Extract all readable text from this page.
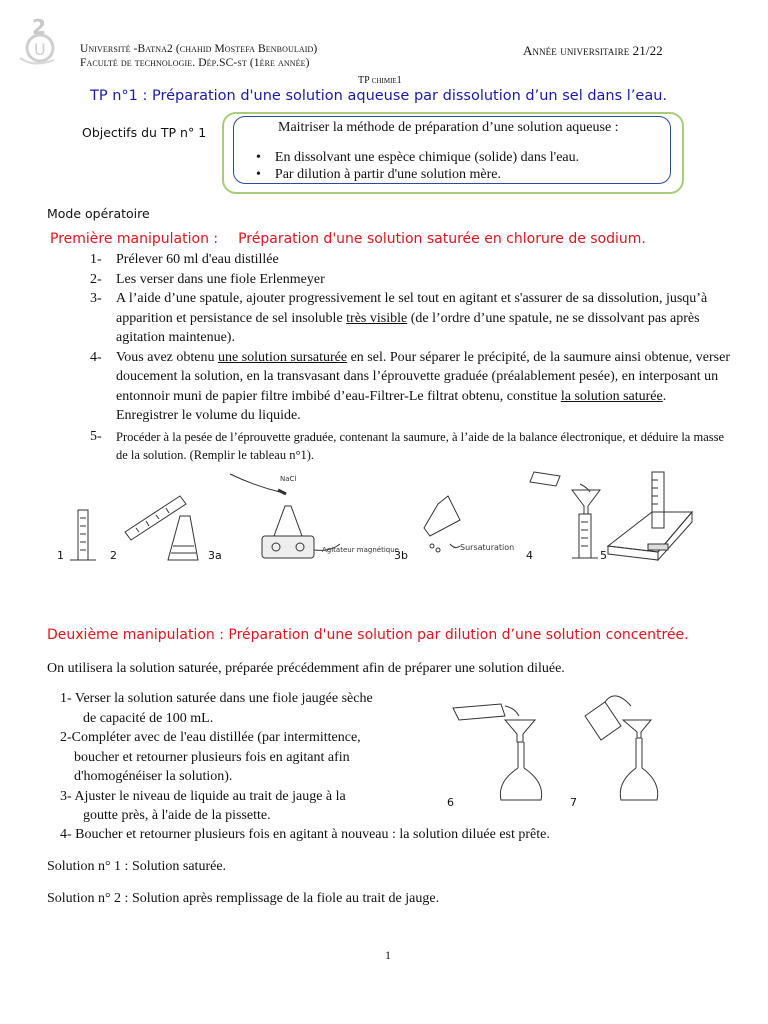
2
U	Université -Batna2 (chahid Mostefa Benboulaid)
Faculté de technologie. Dép.SC-st (1ère année)
Année universitaire 21/22
TP chimie1
TP n°1 : Préparation d'une solution aqueuse par dissolution d’un sel dans l’eau.
Objectifs du TP n° 1	Maitriser la méthode de préparation d’une solution aqueuse :
•    En dissolvant une espèce chimique (solide) dans l'eau.
•    Par dilution à partir d'une solution mère.
Mode opératoire
Première manipulation : Préparation d'une solution saturée en chlorure de sodium.
1- Prélever 60 ml d'eau distillée
2- Les verser dans une fiole Erlenmeyer
3-	A l’aide d’une spatule, ajouter progressivement le sel tout en agitant et s'assurer de sa dissolution, jusqu’à apparition et persistance de sel insoluble très visible (de l’ordre d’une spatule, ne se dissolvant pas après agitation maintenue).
4-	Vous avez obtenu une solution sursaturée en sel. Pour séparer le précipité, de la saumure ainsi obtenue, verser doucement la solution, en la transvasant dans l’éprouvette graduée (préalablement pesée), en interposant un entonnoir muni de papier filtre imbibé d’eau-Filtrer-Le filtrat obtenu, constitue la solution saturée. Enregistrer le volume du liquide.
5-	Procéder à la pesée de l’éprouvette graduée, contenant la saumure, à l’aide de la balance électronique, et déduire la masse de la solution. (Remplir le tableau n°1).
NaCl
Agitateur magnétique	Sursaturation
1	2	3a	3b	4	5
Deuxième manipulation : Préparation d'une solution par dilution d’une solution concentrée.
On utilisera la solution saturée, préparée précédemment afin de préparer une solution diluée.
1- Verser la solution saturée dans une fiole jaugée sèche
de capacité de 100 mL.
2-Compléter avec de l'eau distillée (par intermittence,
boucher et retourner plusieurs fois en agitant afin
d'homogénéiser la solution).
3- Ajuster le niveau de liquide au trait de jauge à la
goutte près, à l'aide de la pissette.
4- Boucher et retourner plusieurs fois en agitant à nouveau : la solution diluée est prête.
6	7
Solution n° 1 : Solution saturée.
Solution n° 2 : Solution après remplissage de la fiole au trait de jauge.
1
